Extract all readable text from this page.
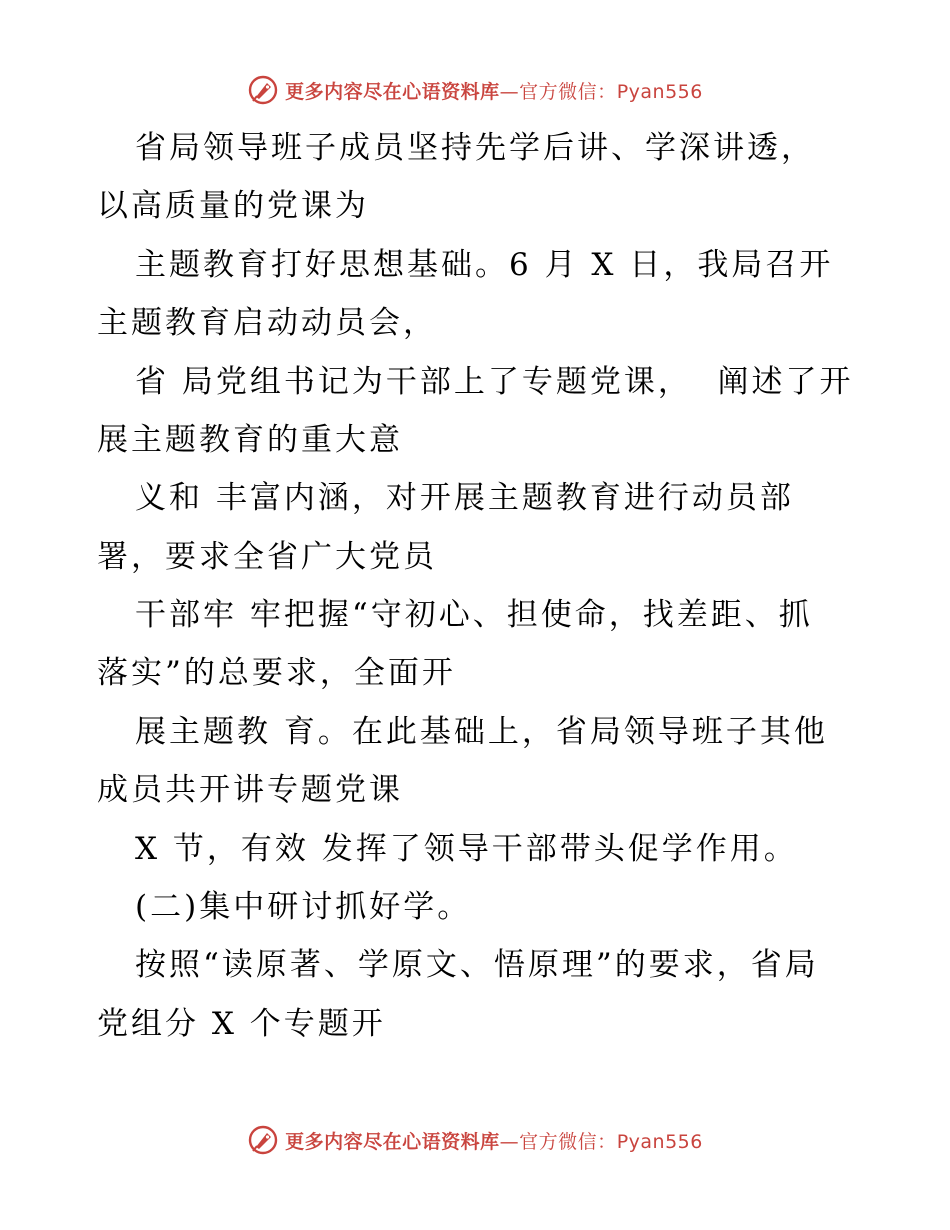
更多内容尽在心语资料库—官方微信：Pyan556
省局领导班子成员坚持先学后讲、学深讲透，
以高质量的党课为
主题教育打好思想基础。6 月 X 日，我局召开
主题教育启动动员会，
省 局党组书记为干部上了专题党课，  阐述了开
展主题教育的重大意
义和 丰富内涵，对开展主题教育进行动员部
署，要求全省广大党员
干部牢 牢把握“守初心、担使命，找差距、抓
落实”的总要求，全面开
展主题教 育。在此基础上，省局领导班子其他
成员共开讲专题党课
X 节，有效 发挥了领导干部带头促学作用。
(二)集中研讨抓好学。
按照“读原著、学原文、悟原理”的要求，省局
党组分 X 个专题开
更多内容尽在心语资料库—官方微信：Pyan556
